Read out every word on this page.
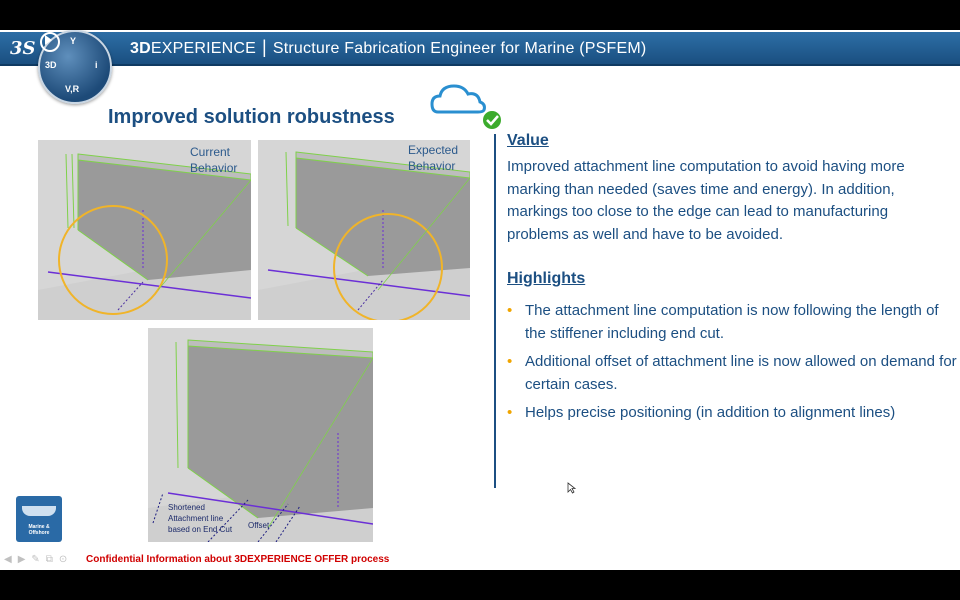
3DEXPERIENCE | Structure Fabrication Engineer for Marine (PSFEM)
3S	Y
3D	i
V,R
Improved solution robustness
Current
Behavior
Expected
Behavior
Shortened
Attachment line
based on End Cut Offset
Value
Improved attachment line computation to avoid having more marking than needed (saves time and energy). In addition, markings too close to the edge can lead to manufacturing problems as well and have to be avoided.
Highlights
• The attachment line computation is now following the length of the stiffener including end cut.
• Additional offset of attachment line is now allowed on demand for certain cases.
• Helps precise positioning (in addition to alignment lines)
Marine &
Offshore
◀▶✎⧉⊙ Confidential Information about 3DEXPERIENCE OFFER process
